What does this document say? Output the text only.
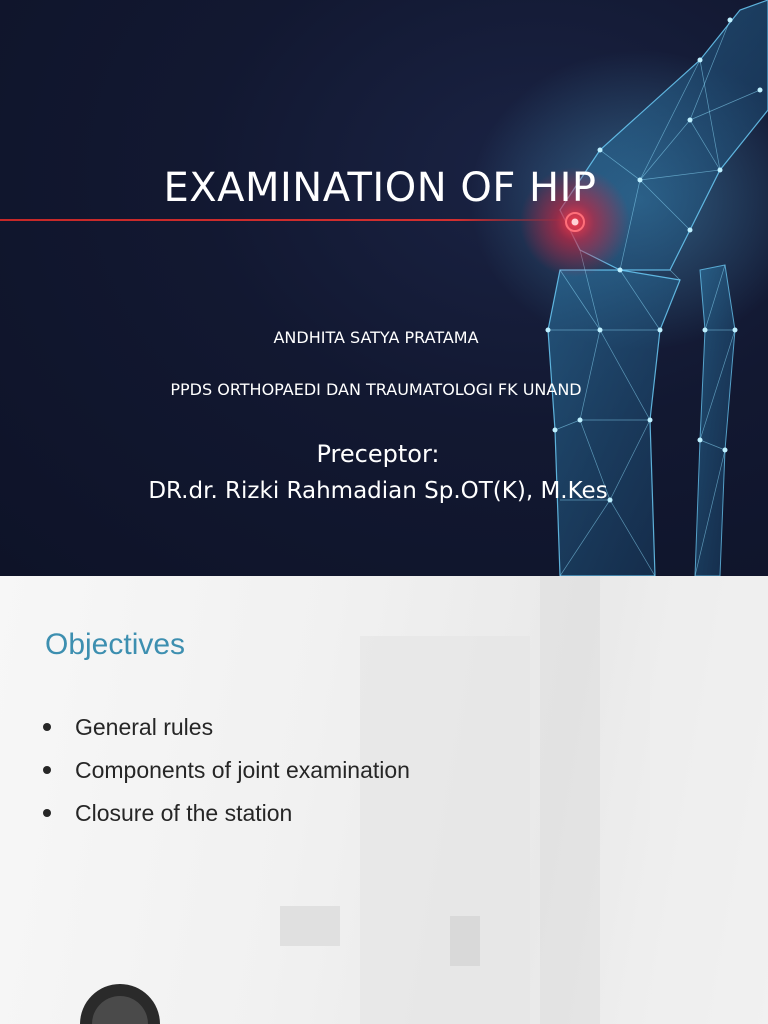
EXAMINATION OF HIP
ANDHITA SATYA PRATAMA
PPDS ORTHOPAEDI DAN TRAUMATOLOGI FK UNAND
Preceptor:
DR.dr. Rizki Rahmadian Sp.OT(K), M.Kes
Objectives
General rules
Components of joint examination
Closure of the station
